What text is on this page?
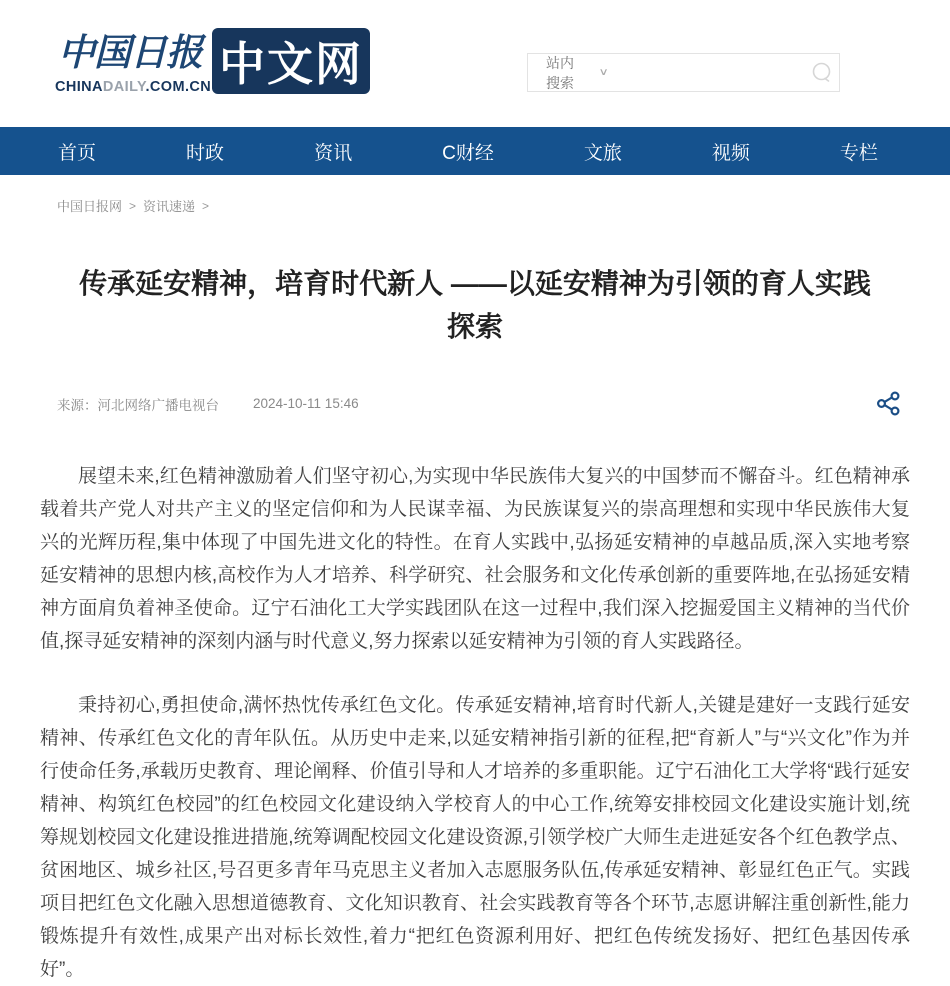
中国日报
CHINADAILY.COM.CN 中文网	站内搜索
∨
首页	时政	资讯	C财经	文旅	视频	专栏
中国日报网 > 资讯速递 >
传承延安精神，培育时代新人 ——以延安精神为引领的育人实践探索
来源：河北网络广播电视台	2024-10-11 15:46

展望未来,红色精神激励着人们坚守初心,为实现中华民族伟大复兴的中国梦而不懈奋斗。红色精神承载着共产党人对共产主义的坚定信仰和为人民谋幸福、为民族谋复兴的崇高理想和实现中华民族伟大复兴的光辉历程,集中体现了中国先进文化的特性。在育人实践中,弘扬延安精神的卓越品质,深入实地考察延安精神的思想内核,高校作为人才培养、科学研究、社会服务和文化传承创新的重要阵地,在弘扬延安精神方面肩负着神圣使命。辽宁石油化工大学实践团队在这一过程中,我们深入挖掘爱国主义精神的当代价值,探寻延安精神的深刻内涵与时代意义,努力探索以延安精神为引领的育人实践路径。

秉持初心,勇担使命,满怀热忱传承红色文化。传承延安精神,培育时代新人,关键是建好一支践行延安精神、传承红色文化的青年队伍。从历史中走来,以延安精神指引新的征程,把“育新人”与“兴文化”作为并行使命任务,承载历史教育、理论阐释、价值引导和人才培养的多重职能。辽宁石油化工大学将“践行延安精神、构筑红色校园”的红色校园文化建设纳入学校育人的中心工作,统筹安排校园文化建设实施计划,统筹规划校园文化建设推进措施,统筹调配校园文化建设资源,引领学校广大师生走进延安各个红色教学点、贫困地区、城乡社区,号召更多青年马克思主义者加入志愿服务队伍,传承延安精神、彰显红色正气。实践项目把红色文化融入思想道德教育、文化知识教育、社会实践教育等各个环节,志愿讲解注重创新性,能力锻炼提升有效性,成果产出对标长效性,着力“把红色资源利用好、把红色传统发扬好、把红色基因传承好”。
